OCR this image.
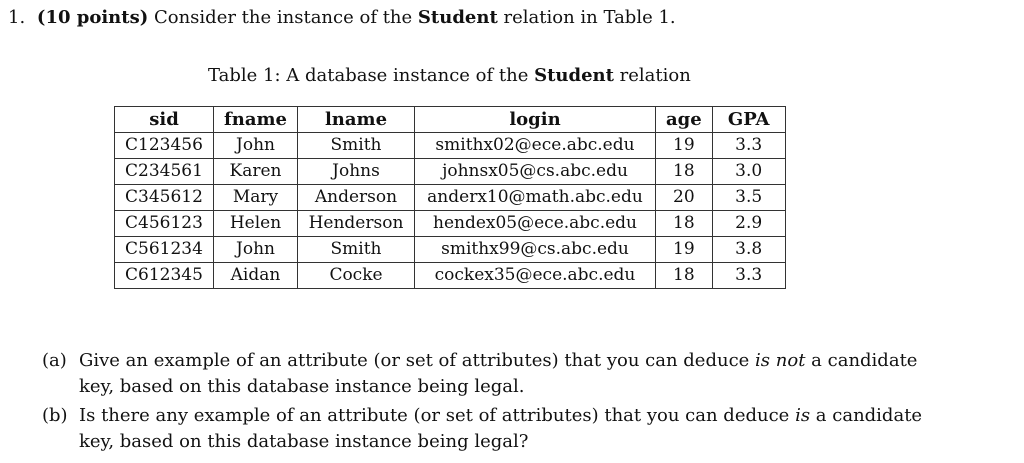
1. (10 points) Consider the instance of the Student relation in Table 1.
Table 1: A database instance of the Student relation
sid	fname	lname	login	age	GPA
C123456	John	Smith	smithx02@ece.abc.edu	19	3.3
C234561	Karen	Johns	johnsx05@cs.abc.edu	18	3.0
C345612	Mary	Anderson	anderx10@math.abc.edu	20	3.5
C456123	Helen	Henderson	hendex05@ece.abc.edu	18	2.9
C561234	John	Smith	smithx99@cs.abc.edu	19	3.8
C612345	Aidan	Cocke	cockex35@ece.abc.edu	18	3.3
(a) Give an example of an attribute (or set of attributes) that you can deduce is not a candidate key, based on this database instance being legal.
(b) Is there any example of an attribute (or set of attributes) that you can deduce is a candidate key, based on this database instance being legal?
